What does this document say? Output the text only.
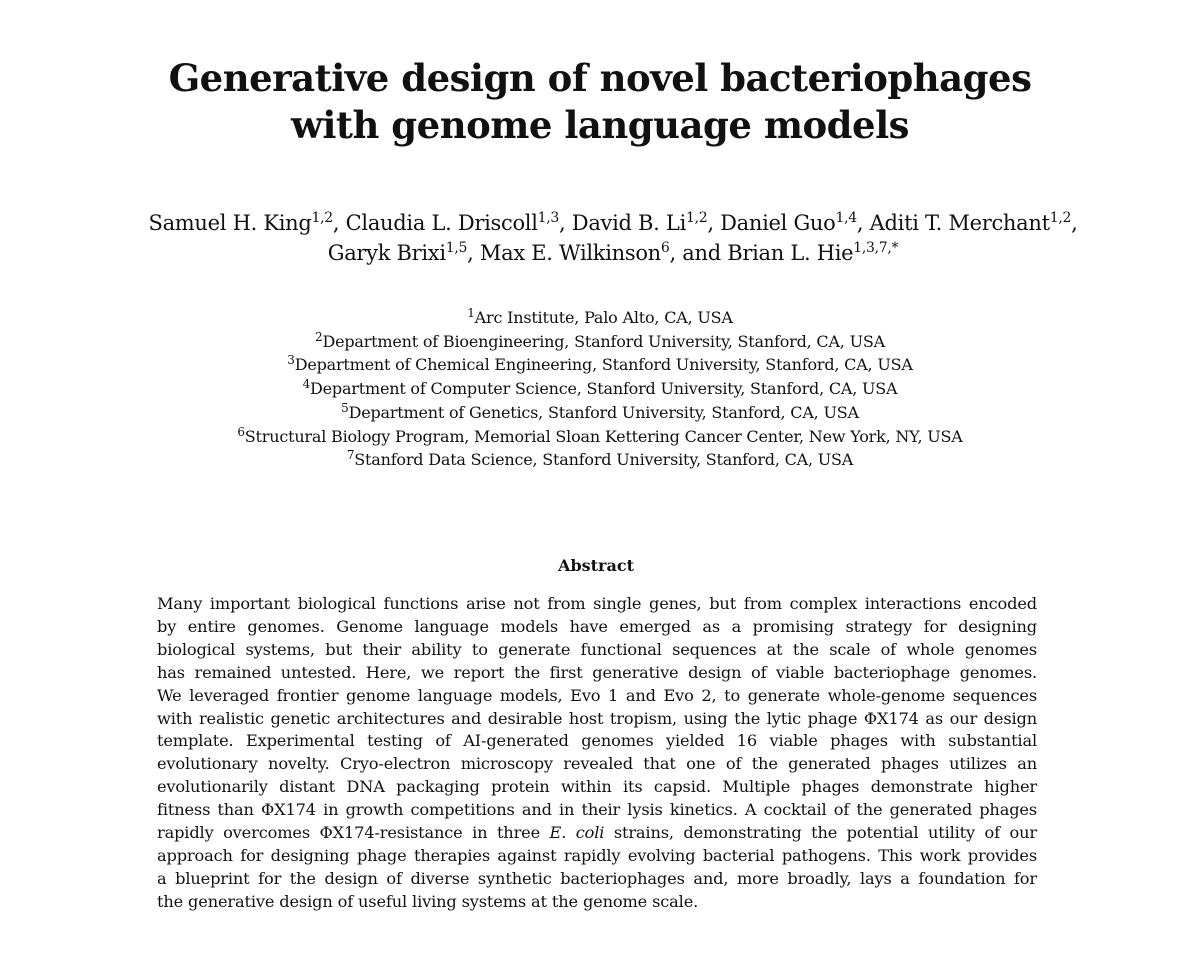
Generative design of novel bacteriophages
with genome language models
Samuel H. King$^{1,2}$, Claudia L. Driscoll$^{1,3}$, David B. Li$^{1,2}$, Daniel Guo$^{1,4}$, Aditi T. Merchant$^{1,2}$,
Garyk Brixi$^{1,5}$, Max E. Wilkinson$^6$, and Brian L. Hie$^{1,3,7,*}$
$^1$Arc Institute, Palo Alto, CA, USA
$^2$Department of Bioengineering, Stanford University, Stanford, CA, USA
$^3$Department of Chemical Engineering, Stanford University, Stanford, CA, USA
$^4$Department of Computer Science, Stanford University, Stanford, CA, USA
$^5$Department of Genetics, Stanford University, Stanford, CA, USA
$^6$Structural Biology Program, Memorial Sloan Kettering Cancer Center, New York, NY, USA
$^7$Stanford Data Science, Stanford University, Stanford, CA, USA
Abstract
Many important biological functions arise not from single genes, but from complex interactions encoded
by entire genomes. Genome language models have emerged as a promising strategy for designing
biological systems, but their ability to generate functional sequences at the scale of whole genomes
has remained untested. Here, we report the first generative design of viable bacteriophage genomes.
We leveraged frontier genome language models, Evo 1 and Evo 2, to generate whole-genome sequences
with realistic genetic architectures and desirable host tropism, using the lytic phage ΦX174 as our design
template. Experimental testing of AI-generated genomes yielded 16 viable phages with substantial
evolutionary novelty. Cryo-electron microscopy revealed that one of the generated phages utilizes an
evolutionarily distant DNA packaging protein within its capsid. Multiple phages demonstrate higher
fitness than ΦX174 in growth competitions and in their lysis kinetics. A cocktail of the generated phages
rapidly overcomes ΦX174-resistance in three E. coli strains, demonstrating the potential utility of our
approach for designing phage therapies against rapidly evolving bacterial pathogens. This work provides
a blueprint for the design of diverse synthetic bacteriophages and, more broadly, lays a foundation for
the generative design of useful living systems at the genome scale.
